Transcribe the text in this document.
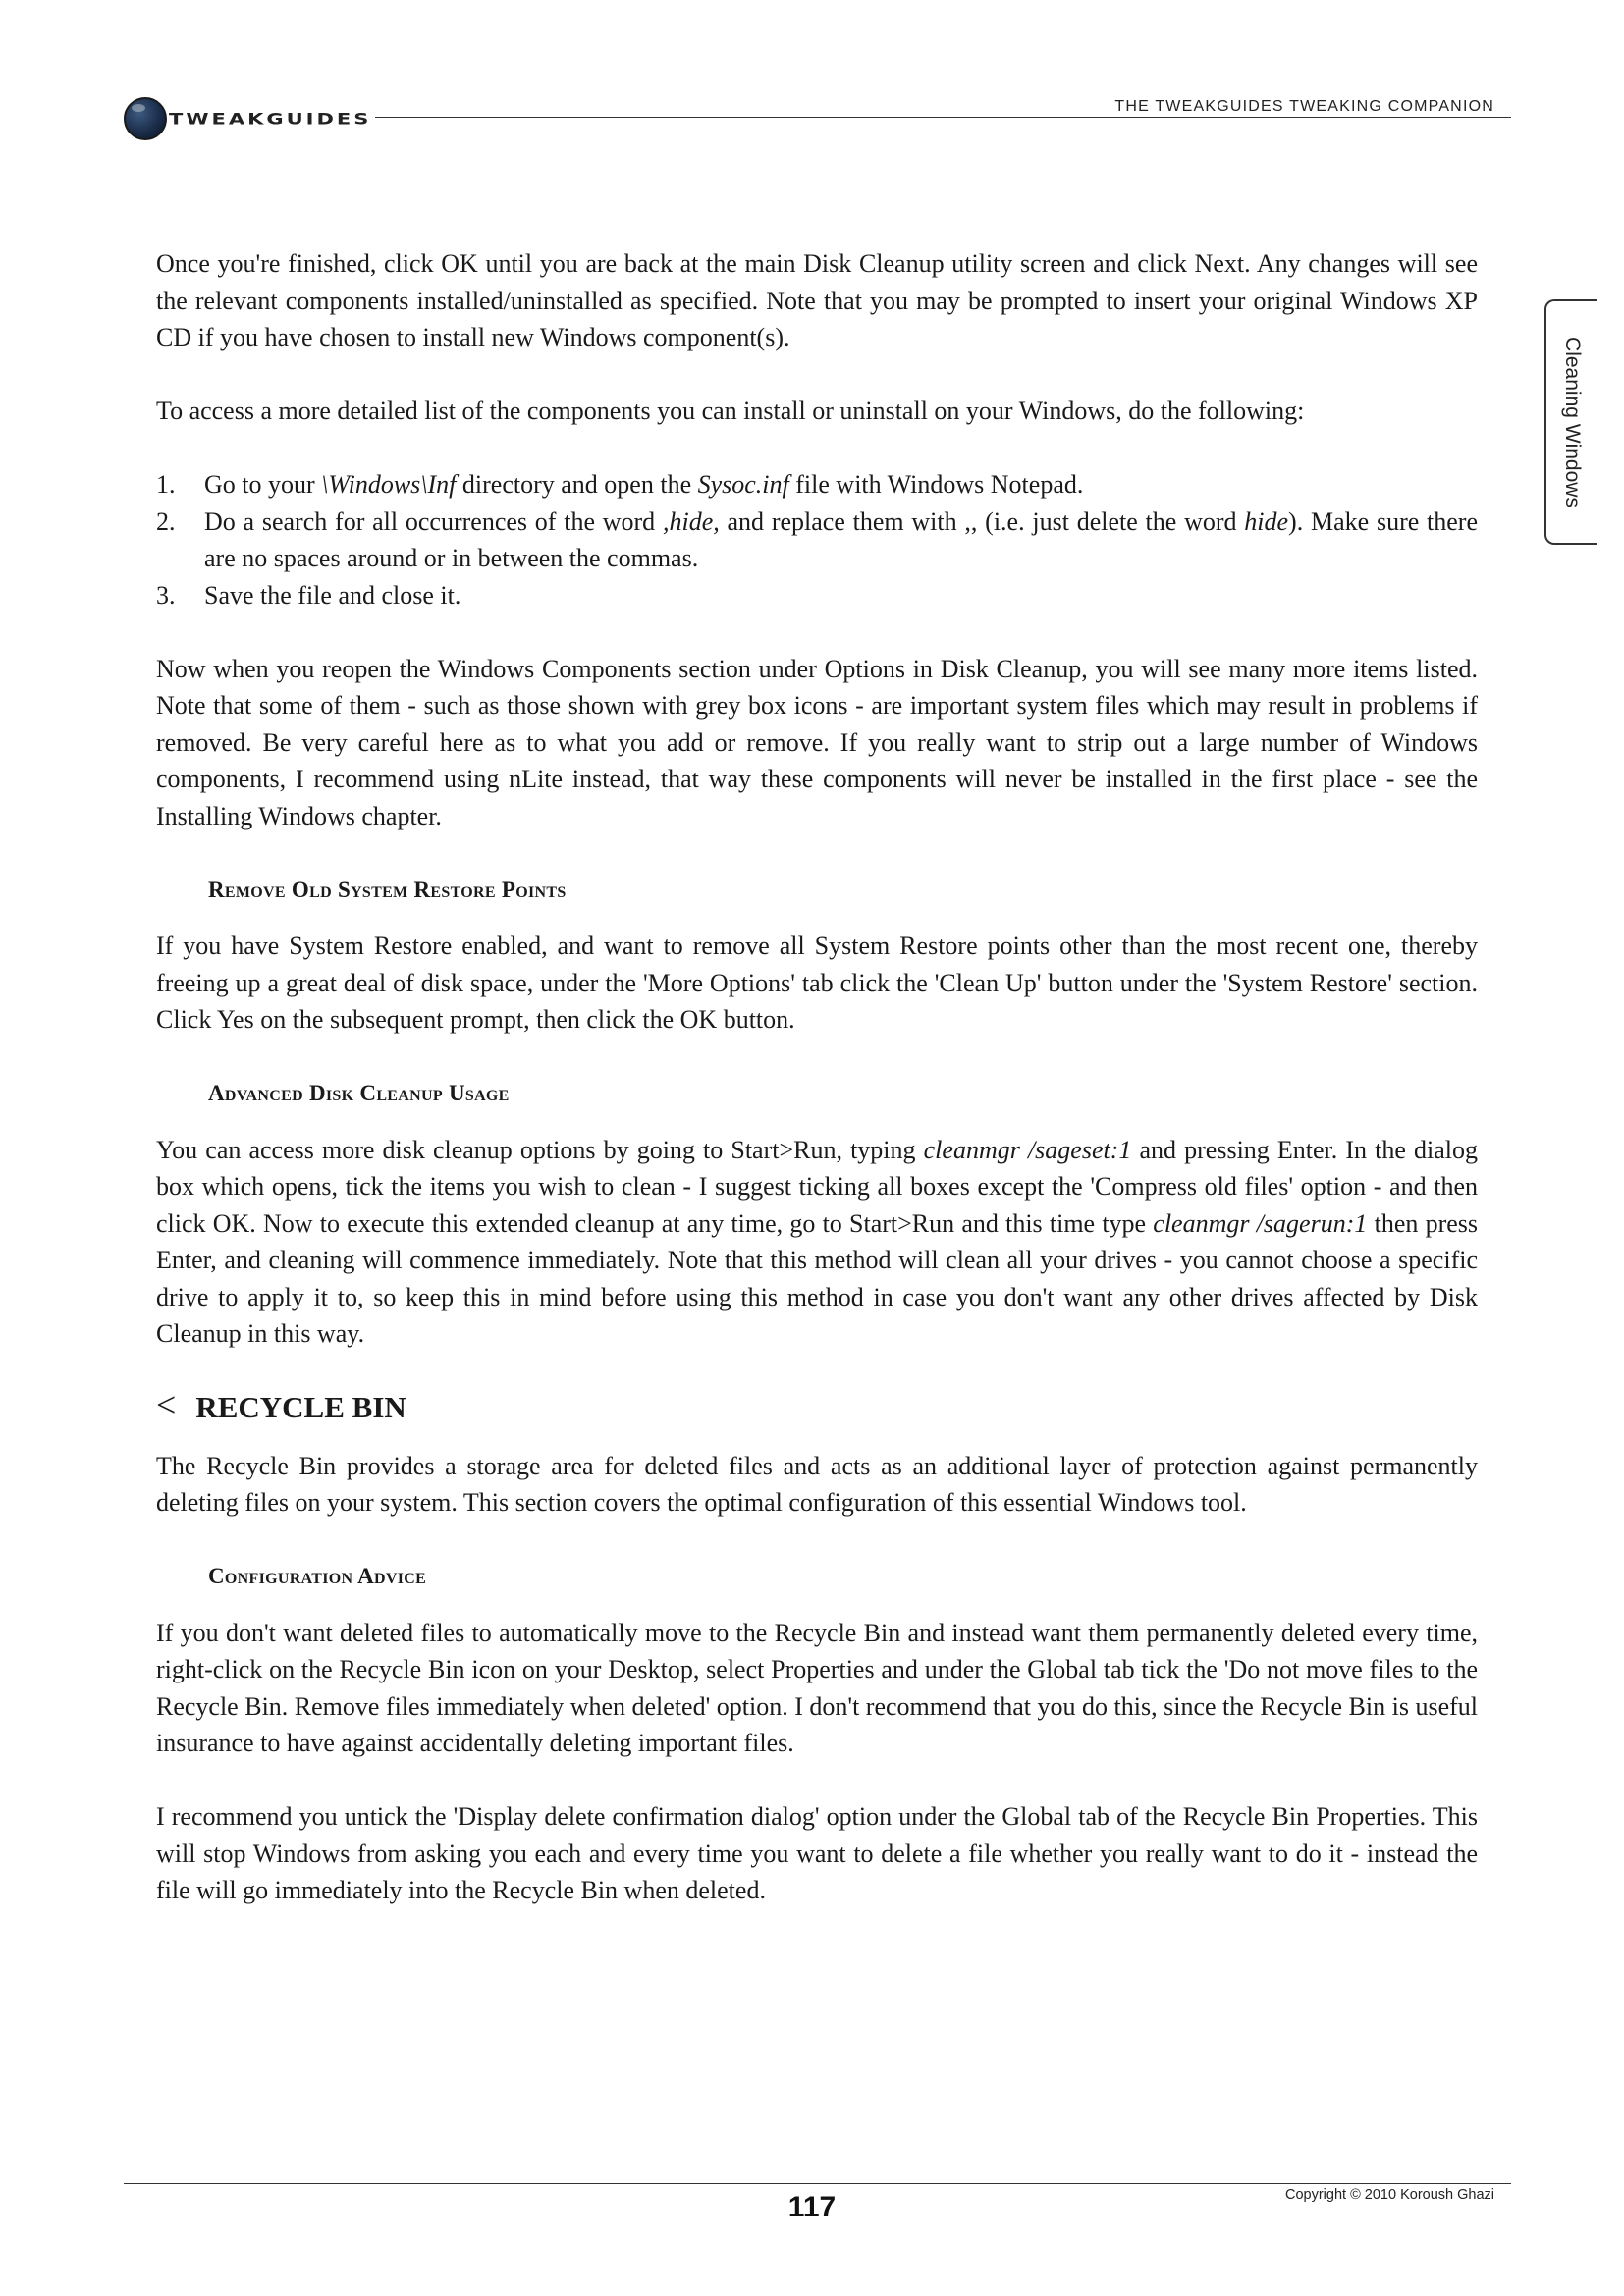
TWEAKGUIDES
THE TWEAKGUIDES TWEAKING COMPANION
Cleaning Windows

Once you're finished, click OK until you are back at the main Disk Cleanup utility screen and click Next. Any changes will see the relevant components installed/uninstalled as specified. Note that you may be prompted to insert your original Windows XP CD if you have chosen to install new Windows component(s).

To access a more detailed list of the components you can install or uninstall on your Windows, do the following:

1. Go to your \Windows\Inf directory and open the Sysoc.inf file with Windows Notepad.
2. Do a search for all occurrences of the word ,hide, and replace them with ,, (i.e. just delete the word hide). Make sure there are no spaces around or in between the commas.
3. Save the file and close it.

Now when you reopen the Windows Components section under Options in Disk Cleanup, you will see many more items listed. Note that some of them - such as those shown with grey box icons - are important system files which may result in problems if removed. Be very careful here as to what you add or remove. If you really want to strip out a large number of Windows components, I recommend using nLite instead, that way these components will never be installed in the first place - see the Installing Windows chapter.

Remove Old System Restore Points

If you have System Restore enabled, and want to remove all System Restore points other than the most recent one, thereby freeing up a great deal of disk space, under the 'More Options' tab click the 'Clean Up' button under the 'System Restore' section. Click Yes on the subsequent prompt, then click the OK button.

Advanced Disk Cleanup Usage

You can access more disk cleanup options by going to Start>Run, typing cleanmgr /sageset:1 and pressing Enter. In the dialog box which opens, tick the items you wish to clean - I suggest ticking all boxes except the 'Compress old files' option - and then click OK. Now to execute this extended cleanup at any time, go to Start>Run and this time type cleanmgr /sagerun:1 then press Enter, and cleaning will commence immediately. Note that this method will clean all your drives - you cannot choose a specific drive to apply it to, so keep this in mind before using this method in case you don't want any other drives affected by Disk Cleanup in this way.

< RECYCLE BIN

The Recycle Bin provides a storage area for deleted files and acts as an additional layer of protection against permanently deleting files on your system. This section covers the optimal configuration of this essential Windows tool.

Configuration Advice

If you don't want deleted files to automatically move to the Recycle Bin and instead want them permanently deleted every time, right-click on the Recycle Bin icon on your Desktop, select Properties and under the Global tab tick the 'Do not move files to the Recycle Bin. Remove files immediately when deleted' option. I don't recommend that you do this, since the Recycle Bin is useful insurance to have against accidentally deleting important files.

I recommend you untick the 'Display delete confirmation dialog' option under the Global tab of the Recycle Bin Properties. This will stop Windows from asking you each and every time you want to delete a file whether you really want to do it - instead the file will go immediately into the Recycle Bin when deleted.

Copyright © 2010 Koroush Ghazi
117
